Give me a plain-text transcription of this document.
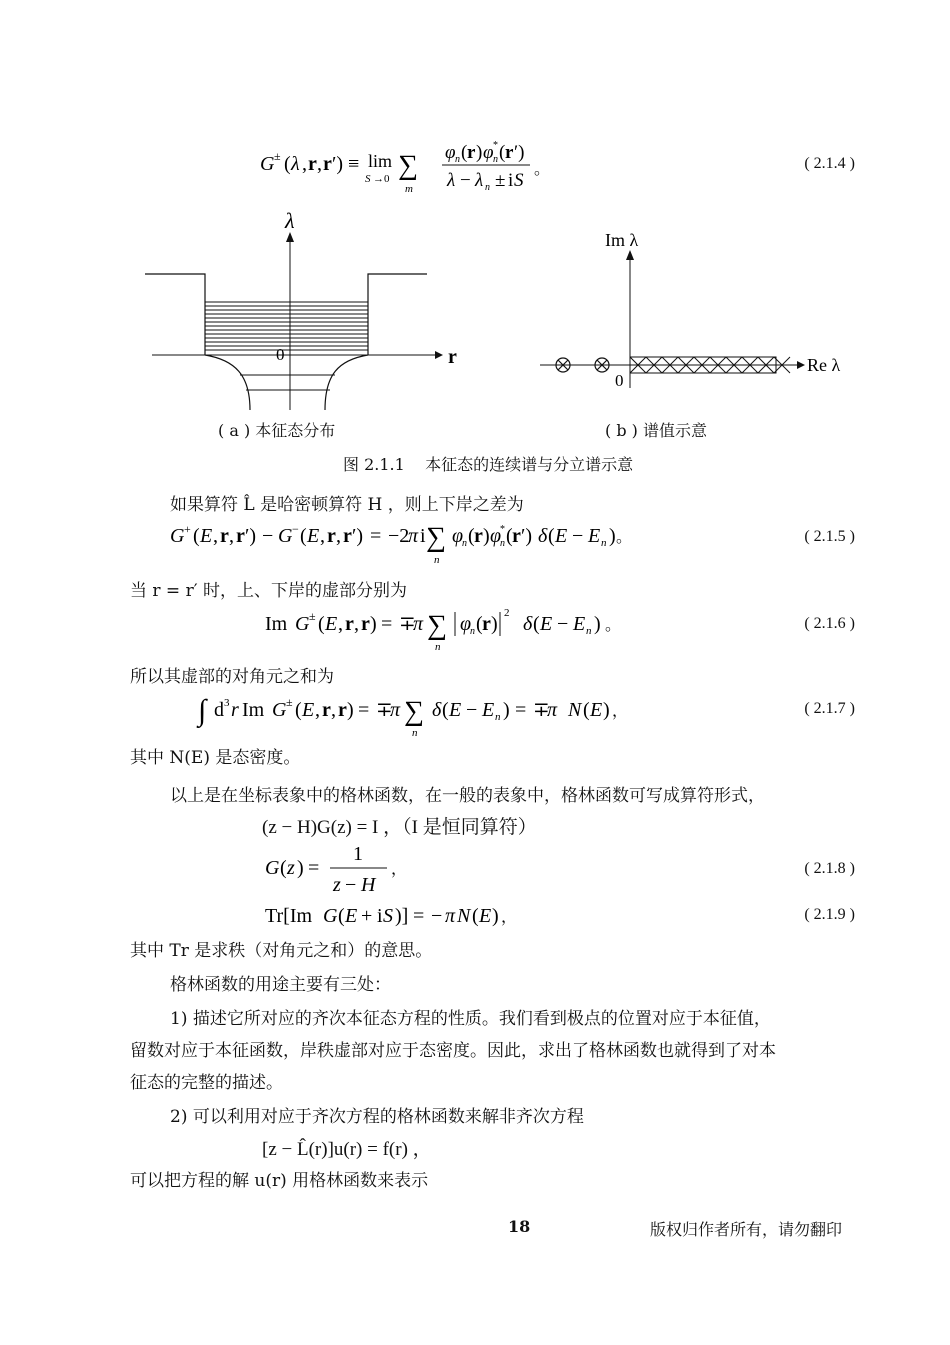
G ± ( λ , r , r ′) ≡ lim
S →0 ∑
m
φ n ( r ) φ *
n ( r ′)
λ − λ n ± i S
。	( 2.1.4 )
λ
r
0
Im λ
Re λ
0
( a ) 本征态分布	( b ) 谱值示意
图 2.1.1 本征态的连续谱与分立谱示意
如果算符 L̂ 是哈密顿算符 H ，则上下岸之差为
G + ( E , r , r ′) − G − ( E , r , r ′) = −2
π i ∑
n
φ
n ( r ) φ
*
n ( r ′) δ ( E − E n ) 。	( 2.1.5 )
当 r = r′ 时，上、下岸的虚部分别为
Im G ± ( E , r , r ) = ∓
π ∑
n
φ
n ( r ) 2 δ ( E − E n ) 。	( 2.1.6 )
所以其虚部的对角元之和为
∫ d 3 r Im G ± ( E , r , r ) = ∓
π ∑
n
δ ( E − E n ) = ∓
π N ( E ) ，	( 2.1.7 )
其中 N(E) 是态密度。
以上是在坐标表象中的格林函数，在一般的表象中，格林函数可写成算符形式，
(z − H)G(z) = I ，（I 是恒同算符）
G ( z ) =
1
z − H
，	( 2.1.8 )
Tr[Im G ( E + i S )] = − π N ( E ) ，	( 2.1.9 )
其中 Tr 是求秩（对角元之和）的意思。
格林函数的用途主要有三处：
1) 描述它所对应的齐次本征态方程的性质。我们看到极点的位置对应于本征值，
留数对应于本征函数，岸秩虚部对应于态密度。因此，求出了格林函数也就得到了对本
征态的完整的描述。
2) 可以利用对应于齐次方程的格林函数来解非齐次方程
[z − L̂(r)]u(r) = f(r) ，
可以把方程的解 u(r) 用格林函数来表示
18	版权归作者所有，请勿翻印
